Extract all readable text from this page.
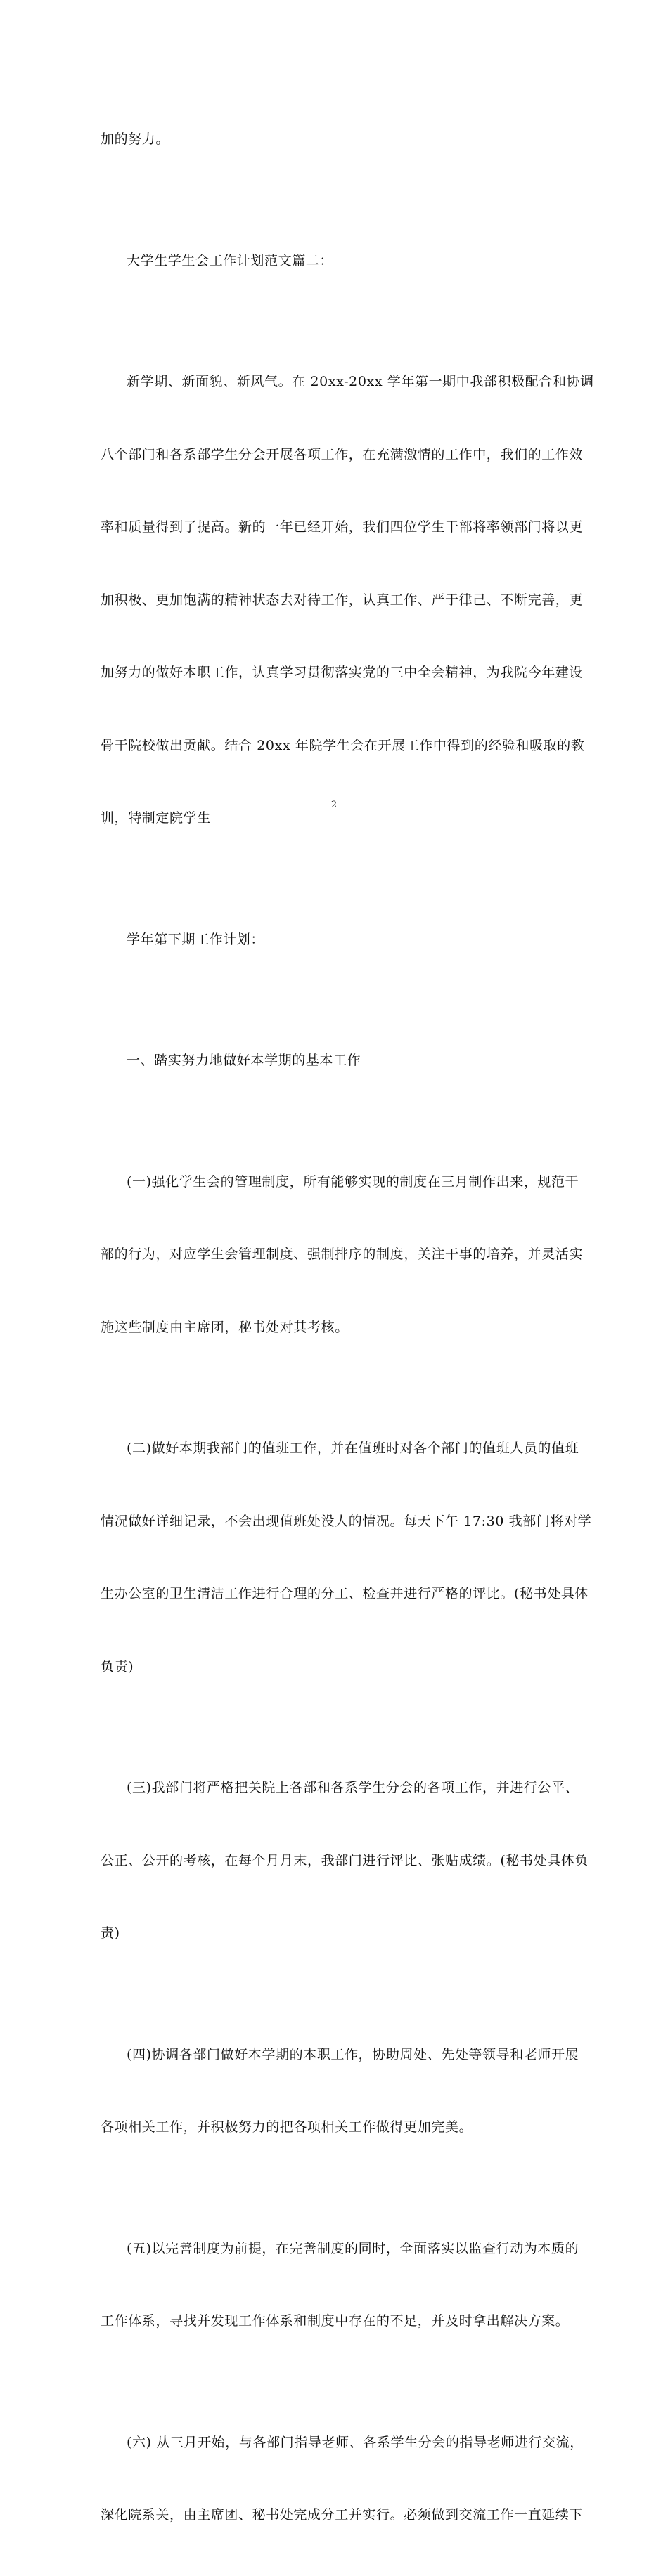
加的努力。

大学生学生会工作计划范文篇二：

新学期、新面貌、新风气。在 20xx-20xx 学年第一期中我部积极配合和协调

八个部门和各系部学生分会开展各项工作，在充满激情的工作中，我们的工作效

率和质量得到了提高。新的一年已经开始，我们四位学生干部将率领部门将以更

加积极、更加饱满的精神状态去对待工作，认真工作、严于律己、不断完善，更

加努力的做好本职工作，认真学习贯彻落实党的三中全会精神，为我院今年建设

骨干院校做出贡献。结合 20xx 年院学生会在开展工作中得到的经验和吸取的教

训，特制定院学生

学年第下期工作计划：

一、踏实努力地做好本学期的基本工作

(一)强化学生会的管理制度，所有能够实现的制度在三月制作出来，规范干

部的行为，对应学生会管理制度、强制排序的制度，关注干事的培养，并灵活实

施这些制度由主席团，秘书处对其考核。

(二)做好本期我部门的值班工作，并在值班时对各个部门的值班人员的值班

情况做好详细记录，不会出现值班处没人的情况。每天下午 17:30 我部门将对学

生办公室的卫生清洁工作进行合理的分工、检查并进行严格的评比。(秘书处具体

负责)

(三)我部门将严格把关院上各部和各系学生分会的各项工作，并进行公平、

公正、公开的考核，在每个月月末，我部门进行评比、张贴成绩。(秘书处具体负

责)

(四)协调各部门做好本学期的本职工作，协助周处、先处等领导和老师开展

各项相关工作，并积极努力的把各项相关工作做得更加完美。

(五)以完善制度为前提，在完善制度的同时，全面落实以监查行动为本质的

工作体系，寻找并发现工作体系和制度中存在的不足，并及时拿出解决方案。

(六) 从三月开始，与各部门指导老师、各系学生分会的指导老师进行交流，

深化院系关，由主席团、秘书处完成分工并实行。必须做到交流工作一直延续下

2
